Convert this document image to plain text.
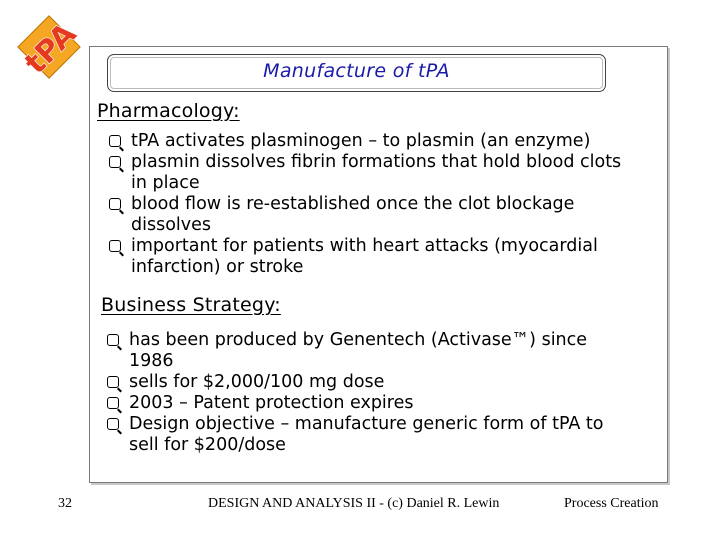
tPA	Manufacture of tPA
Pharmacology:
tPA activates plasminogen – to plasmin (an enzyme)
plasmin dissolves fibrin formations that hold blood clots in place
blood flow is re-established once the clot blockage dissolves
important for patients with heart attacks (myocardial infarction) or stroke
Business Strategy:
has been produced by Genentech (Activase™) since 1986
sells for $2,000/100 mg dose
2003 – Patent protection expires
Design objective – manufacture generic form of tPA to sell for $200/dose
32	DESIGN AND ANALYSIS II - (c) Daniel R. Lewin	Process Creation
